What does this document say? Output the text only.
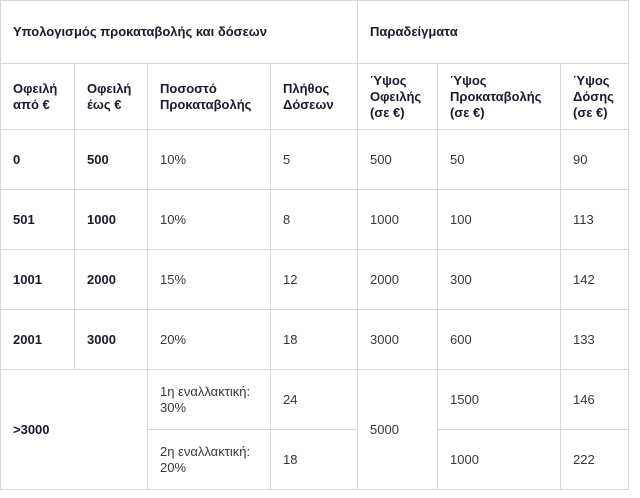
Υπολογισμός προκαταβολής και δόσεων				Παραδείγματα		
Οφειλή από €	Οφειλή έως €	Ποσοστό Προκαταβολής	Πλήθος Δόσεων	Ύψος Οφειλής (σε €)	Ύψος Προκαταβολής (σε €)	Ύψος Δόσης (σε €)
0	500	10%	5	500	50	90
501	1000	10%	8	1000	100	113
1001	2000	15%	12	2000	300	142
2001	3000	20%	18	3000	600	133
>3000		1η εναλλακτική: 30%	24	5000	1500	146
		2η εναλλακτική: 20%	18		1000	222
